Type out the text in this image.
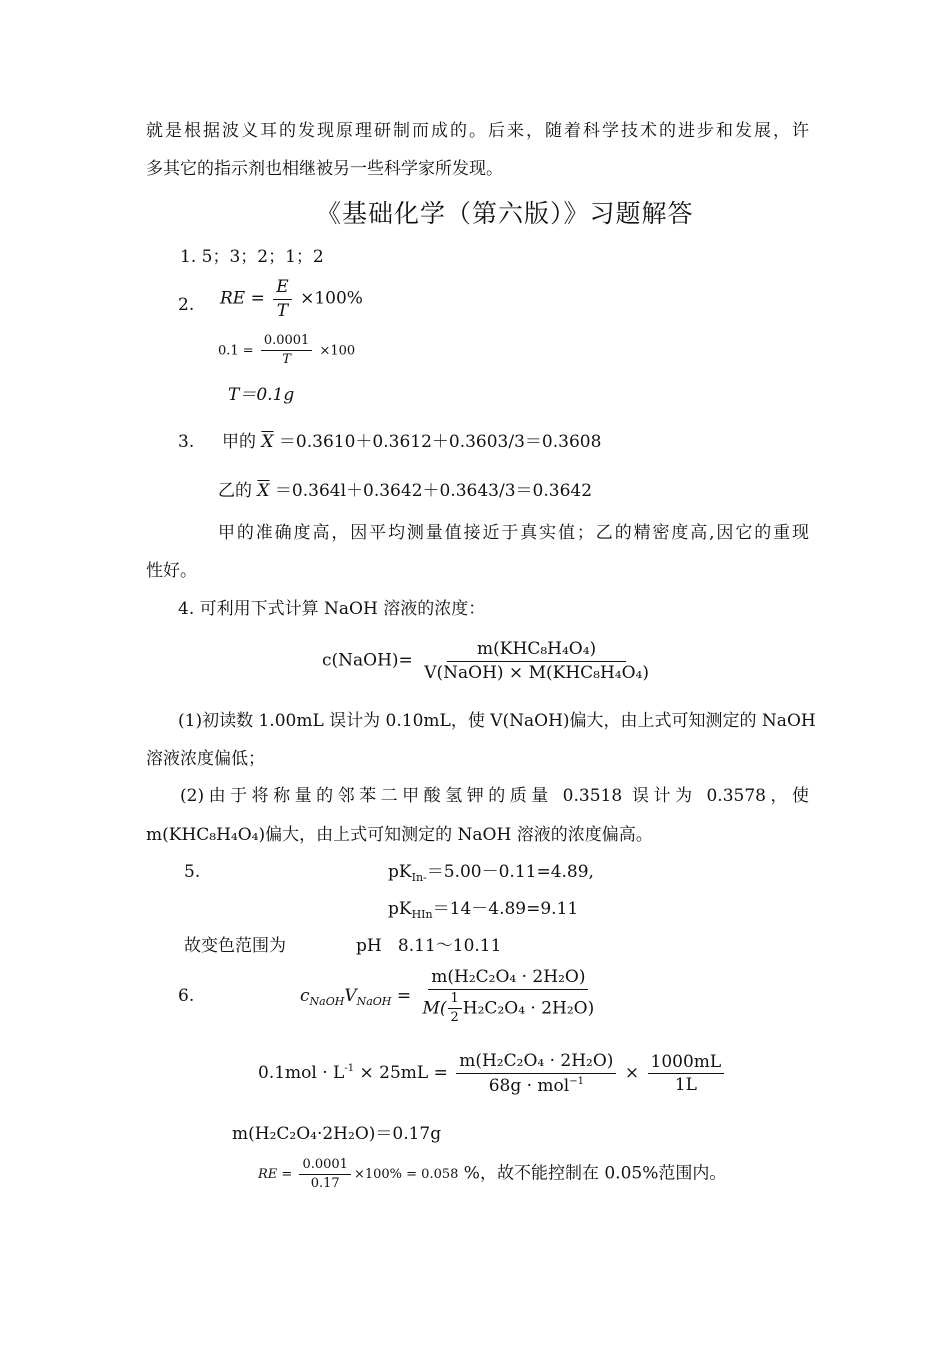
就是根据波义耳的发现原理研制而成的。后来，随着科学技术的进步和发展，许
多其它的指示剂也相继被另一些科学家所发现。
《基础化学（第六版）》习题解答
1. 5；3；2；1；2
2. RE = $\frac{E}{T} \times 100\%$
$0.1 = \frac{0.0001}{T} \times 100$
T＝0.1g
3. 甲的 $\overline{X} =0.3610+0.3612+0.3603/3=0.3608$
乙的 $\overline{X} =0.364l+0.3642+0.3643/3=0.3642$
甲的准确度高，因平均测量值接近于真实值；乙的精密度高,因它的重现
性好。
4. 可利用下式计算 NaOH 溶液的浓度：
c(NaOH)= $\frac{\text{m(KHC₈H₄O₄)}}{\text{V(NaOH) × M(KHC₈H₄O₄)}}$
(1)初读数 1.00mL 误计为 0.10mL，使 V(NaOH)偏大，由上式可知测定的 NaOH
溶液浓度偏低；
(2)由于将称量的邻苯二甲酸氢钾的质量 0.3518 误计为 0.3578，使
m(KHC₈H₄O₄)偏大，由上式可知测定的 NaOH 溶液的浓度偏高。
5.	$pK_{In-}=5.00-0.11=4.89$,
$pK_{HIn}=14-4.89=9.11$
故变色范围为	pH   8.11～10.11
6.	$c_{NaOH}V_{NaOH} = \frac{\text{m(H₂C₂O₄ · 2H₂O)}}{M( \frac{1}{2} H_2C_2O_4 \cdot 2H_2O)}$
$0.1mol \cdot L^{-1} \times 25mL = \frac{\text{m(H₂C₂O₄ · 2H₂O)}}{68g \cdot mol^{-1}} \times \frac{1000mL}{1L}$
m(H₂C₂O₄·2H₂O)＝0.17g
RE = $\frac{0.0001}{0.17} \times 100\% = 0.058$ %，故不能控制在 0.05%范围内。
